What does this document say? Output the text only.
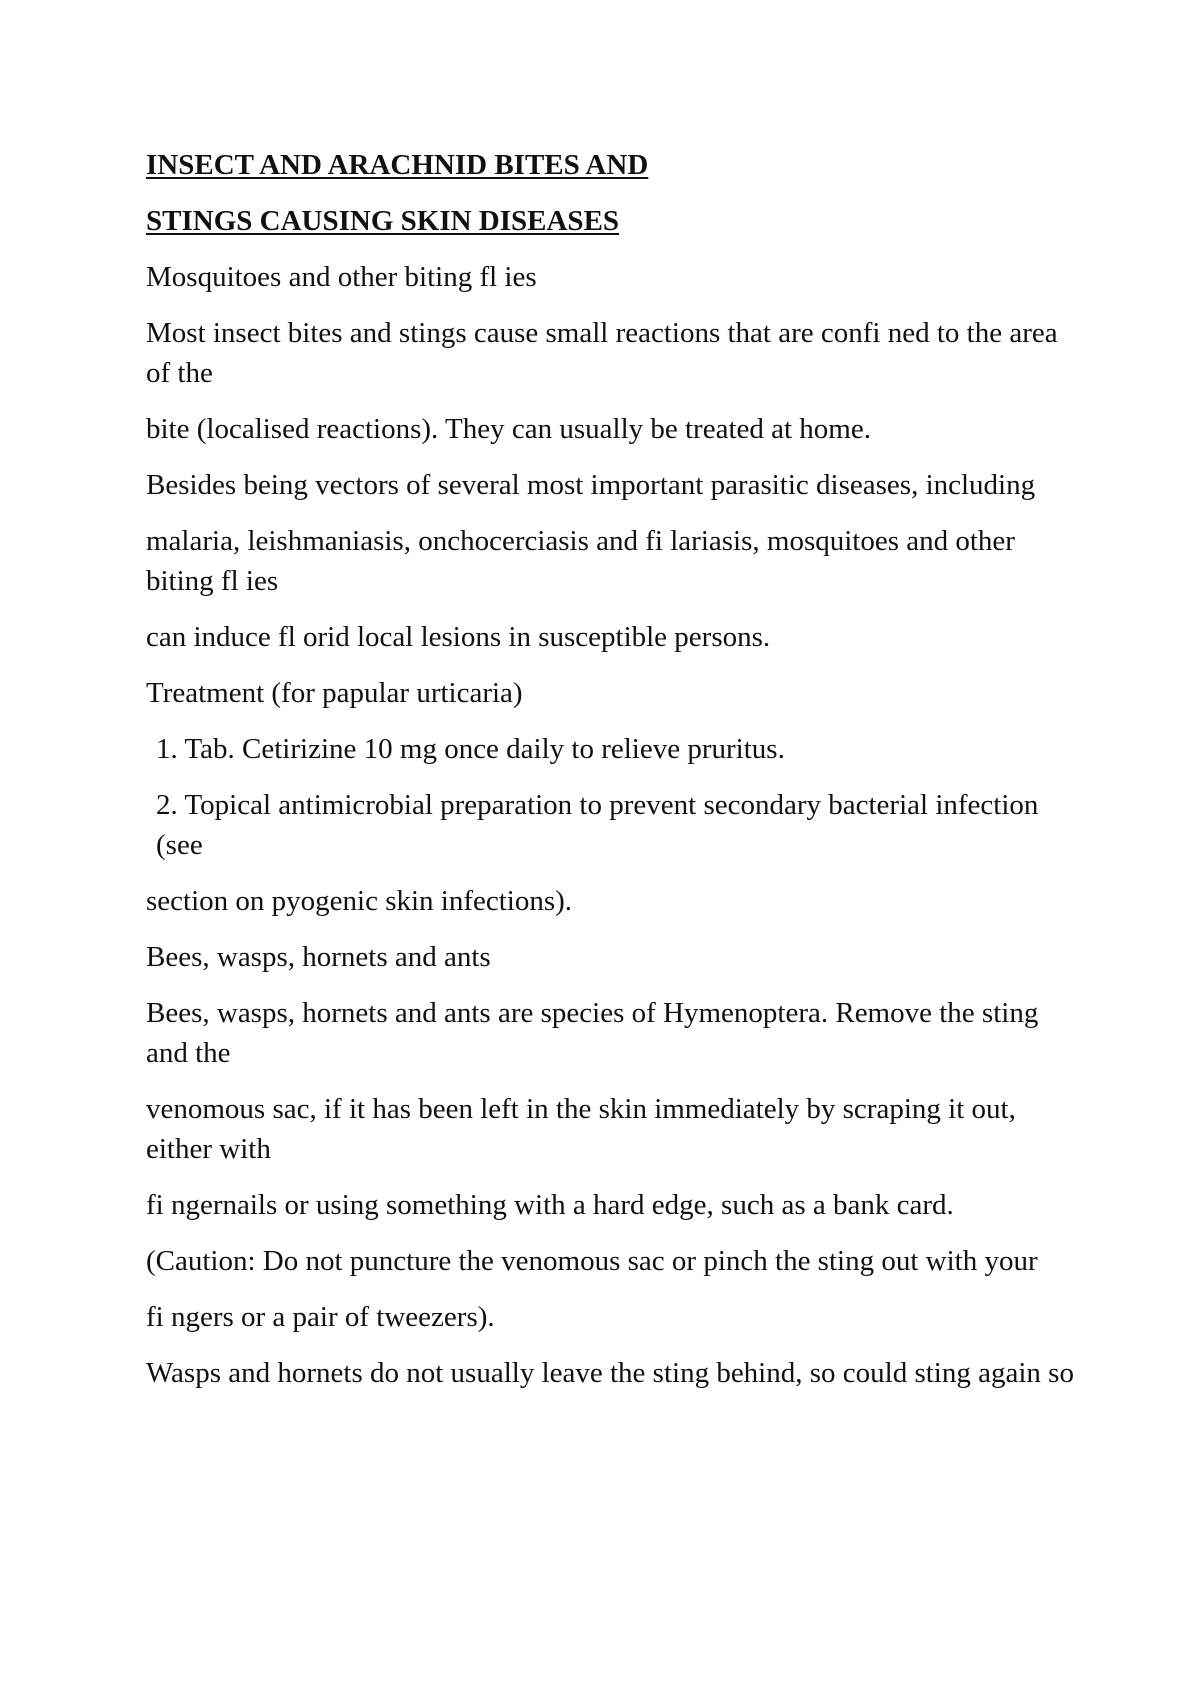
INSECT AND ARACHNID BITES AND

STINGS CAUSING SKIN DISEASES

Mosquitoes and other biting fl ies

Most insect bites and stings cause small reactions that are confi ned to the area of the

bite (localised reactions). They can usually be treated at home.

Besides being vectors of several most important parasitic diseases, including

malaria, leishmaniasis, onchocerciasis and fi lariasis, mosquitoes and other biting fl ies

can induce fl orid local lesions in susceptible persons.

Treatment (for papular urticaria)

1. Tab. Cetirizine 10 mg once daily to relieve pruritus.

2. Topical antimicrobial preparation to prevent secondary bacterial infection (see

section on pyogenic skin infections).

Bees, wasps, hornets and ants

Bees, wasps, hornets and ants are species of Hymenoptera. Remove the sting and the

venomous sac, if it has been left in the skin immediately by scraping it out, either with

fi ngernails or using something with a hard edge, such as a bank card.

(Caution: Do not puncture the venomous sac or pinch the sting out with your

fi ngers or a pair of tweezers).

Wasps and hornets do not usually leave the sting behind, so could sting again so
